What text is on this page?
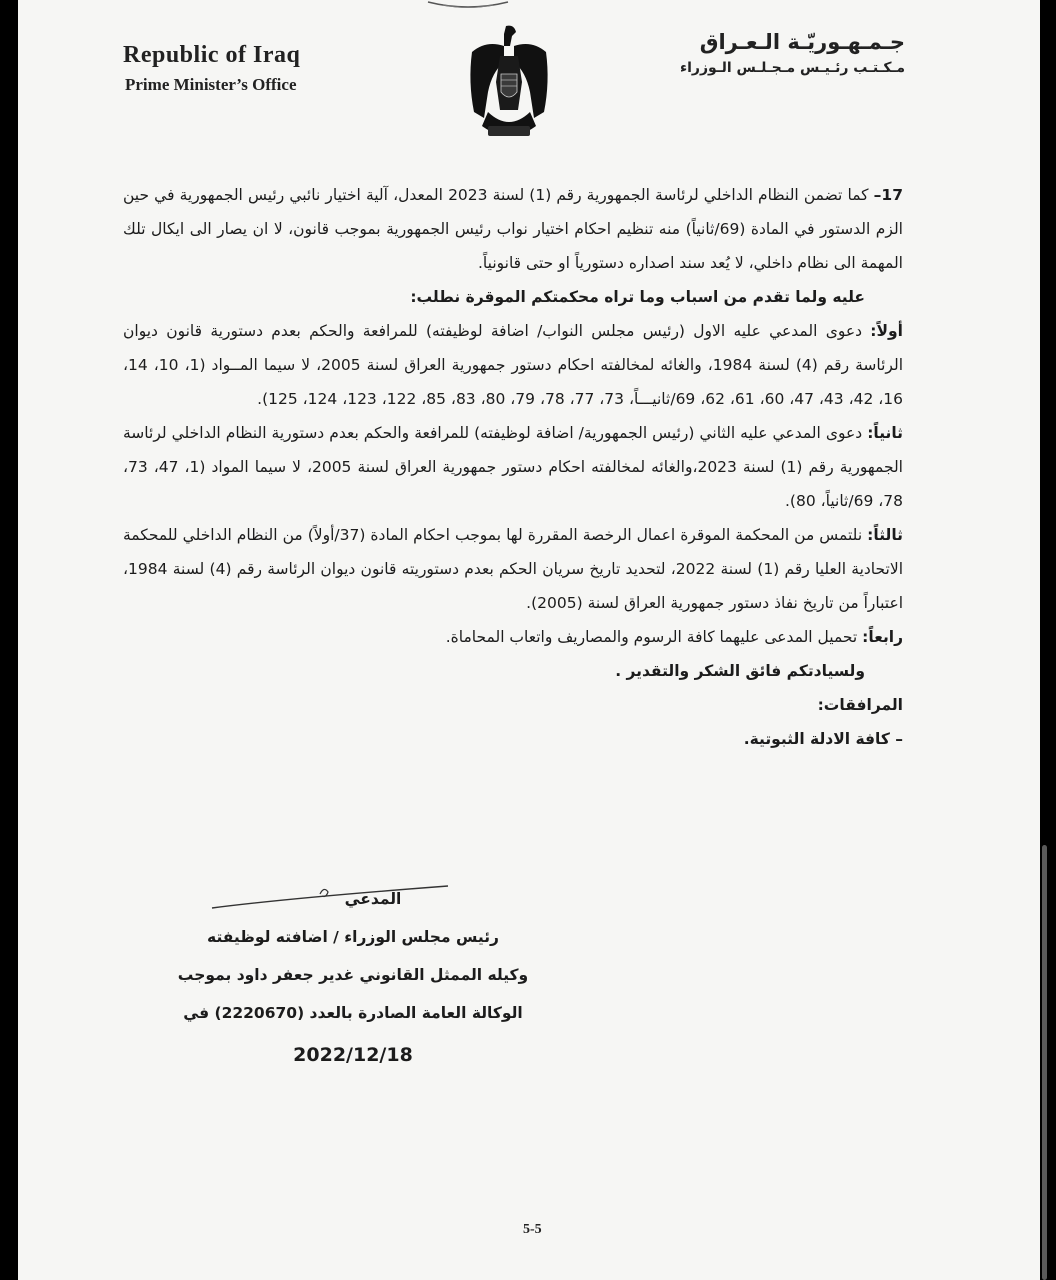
Republic of Iraq
Prime Minister’s Office
جـمـهـوريّـة الـعـراق
مـكـتـب رئـيـس مـجـلـس الـوزراء

17– كما تضمن النظام الداخلي لرئاسة الجمهورية رقم (1) لسنة 2023 المعدل، آلية اختيار نائبي رئيس الجمهورية في حين الزم الدستور في المادة (69/ثانياً) منه تنظيم احكام اختيار نواب رئيس الجمهورية بموجب قانون، لا ان يصار الى ايكال تلك المهمة الى نظام داخلي، لا يُعد سند اصداره دستورياً او حتى قانونياً.

عليه ولما تقدم من اسباب وما تراه محكمتكم الموقرة نطلب:

أولاً: دعوى المدعي عليه الاول (رئيس مجلس النواب/ اضافة لوظيفته) للمرافعة والحكم بعدم دستورية قانون ديوان الرئاسة رقم (4) لسنة 1984، والغائه لمخالفته احكام دستور جمهورية العراق لسنة 2005، لا سيما المــواد (1، 10، 14، 16، 42، 43، 47، 60، 61، 62، 69/ثانيـــاً، 73، 77، 78، 79، 80، 83، 85، 122، 123، 124، 125).

ثانياً: دعوى المدعي عليه الثاني (رئيس الجمهورية/ اضافة لوظيفته) للمرافعة والحكم بعدم دستورية النظام الداخلي لرئاسة الجمهورية رقم (1) لسنة 2023،والغائه لمخالفته احكام دستور جمهورية العراق لسنة 2005، لا سيما المواد (1، 47، 73، 78، 69/ثانياً، 80).

ثالثاً: نلتمس من المحكمة الموقرة اعمال الرخصة المقررة لها بموجب احكام المادة (37/أولاً) من النظام الداخلي للمحكمة الاتحادية العليا رقم (1) لسنة 2022، لتحديد تاريخ سريان الحكم بعدم دستوريته قانون ديوان الرئاسة رقم (4) لسنة 1984، اعتباراً من تاريخ نفاذ دستور جمهورية العراق لسنة (2005).

رابعاً: تحميل المدعى عليهما كافة الرسوم والمصاريف واتعاب المحاماة.

ولسيادتكم فائق الشكر والتقدير .

المرافقات:

– كافة الادلة الثبوتية.

المدعي
رئيس مجلس الوزراء / اضافته لوظيفته
وكيله الممثل القانوني غدير جعفر داود بموجب
الوكالة العامة الصادرة بالعدد (2220670) في
2022/12/18
5-5
